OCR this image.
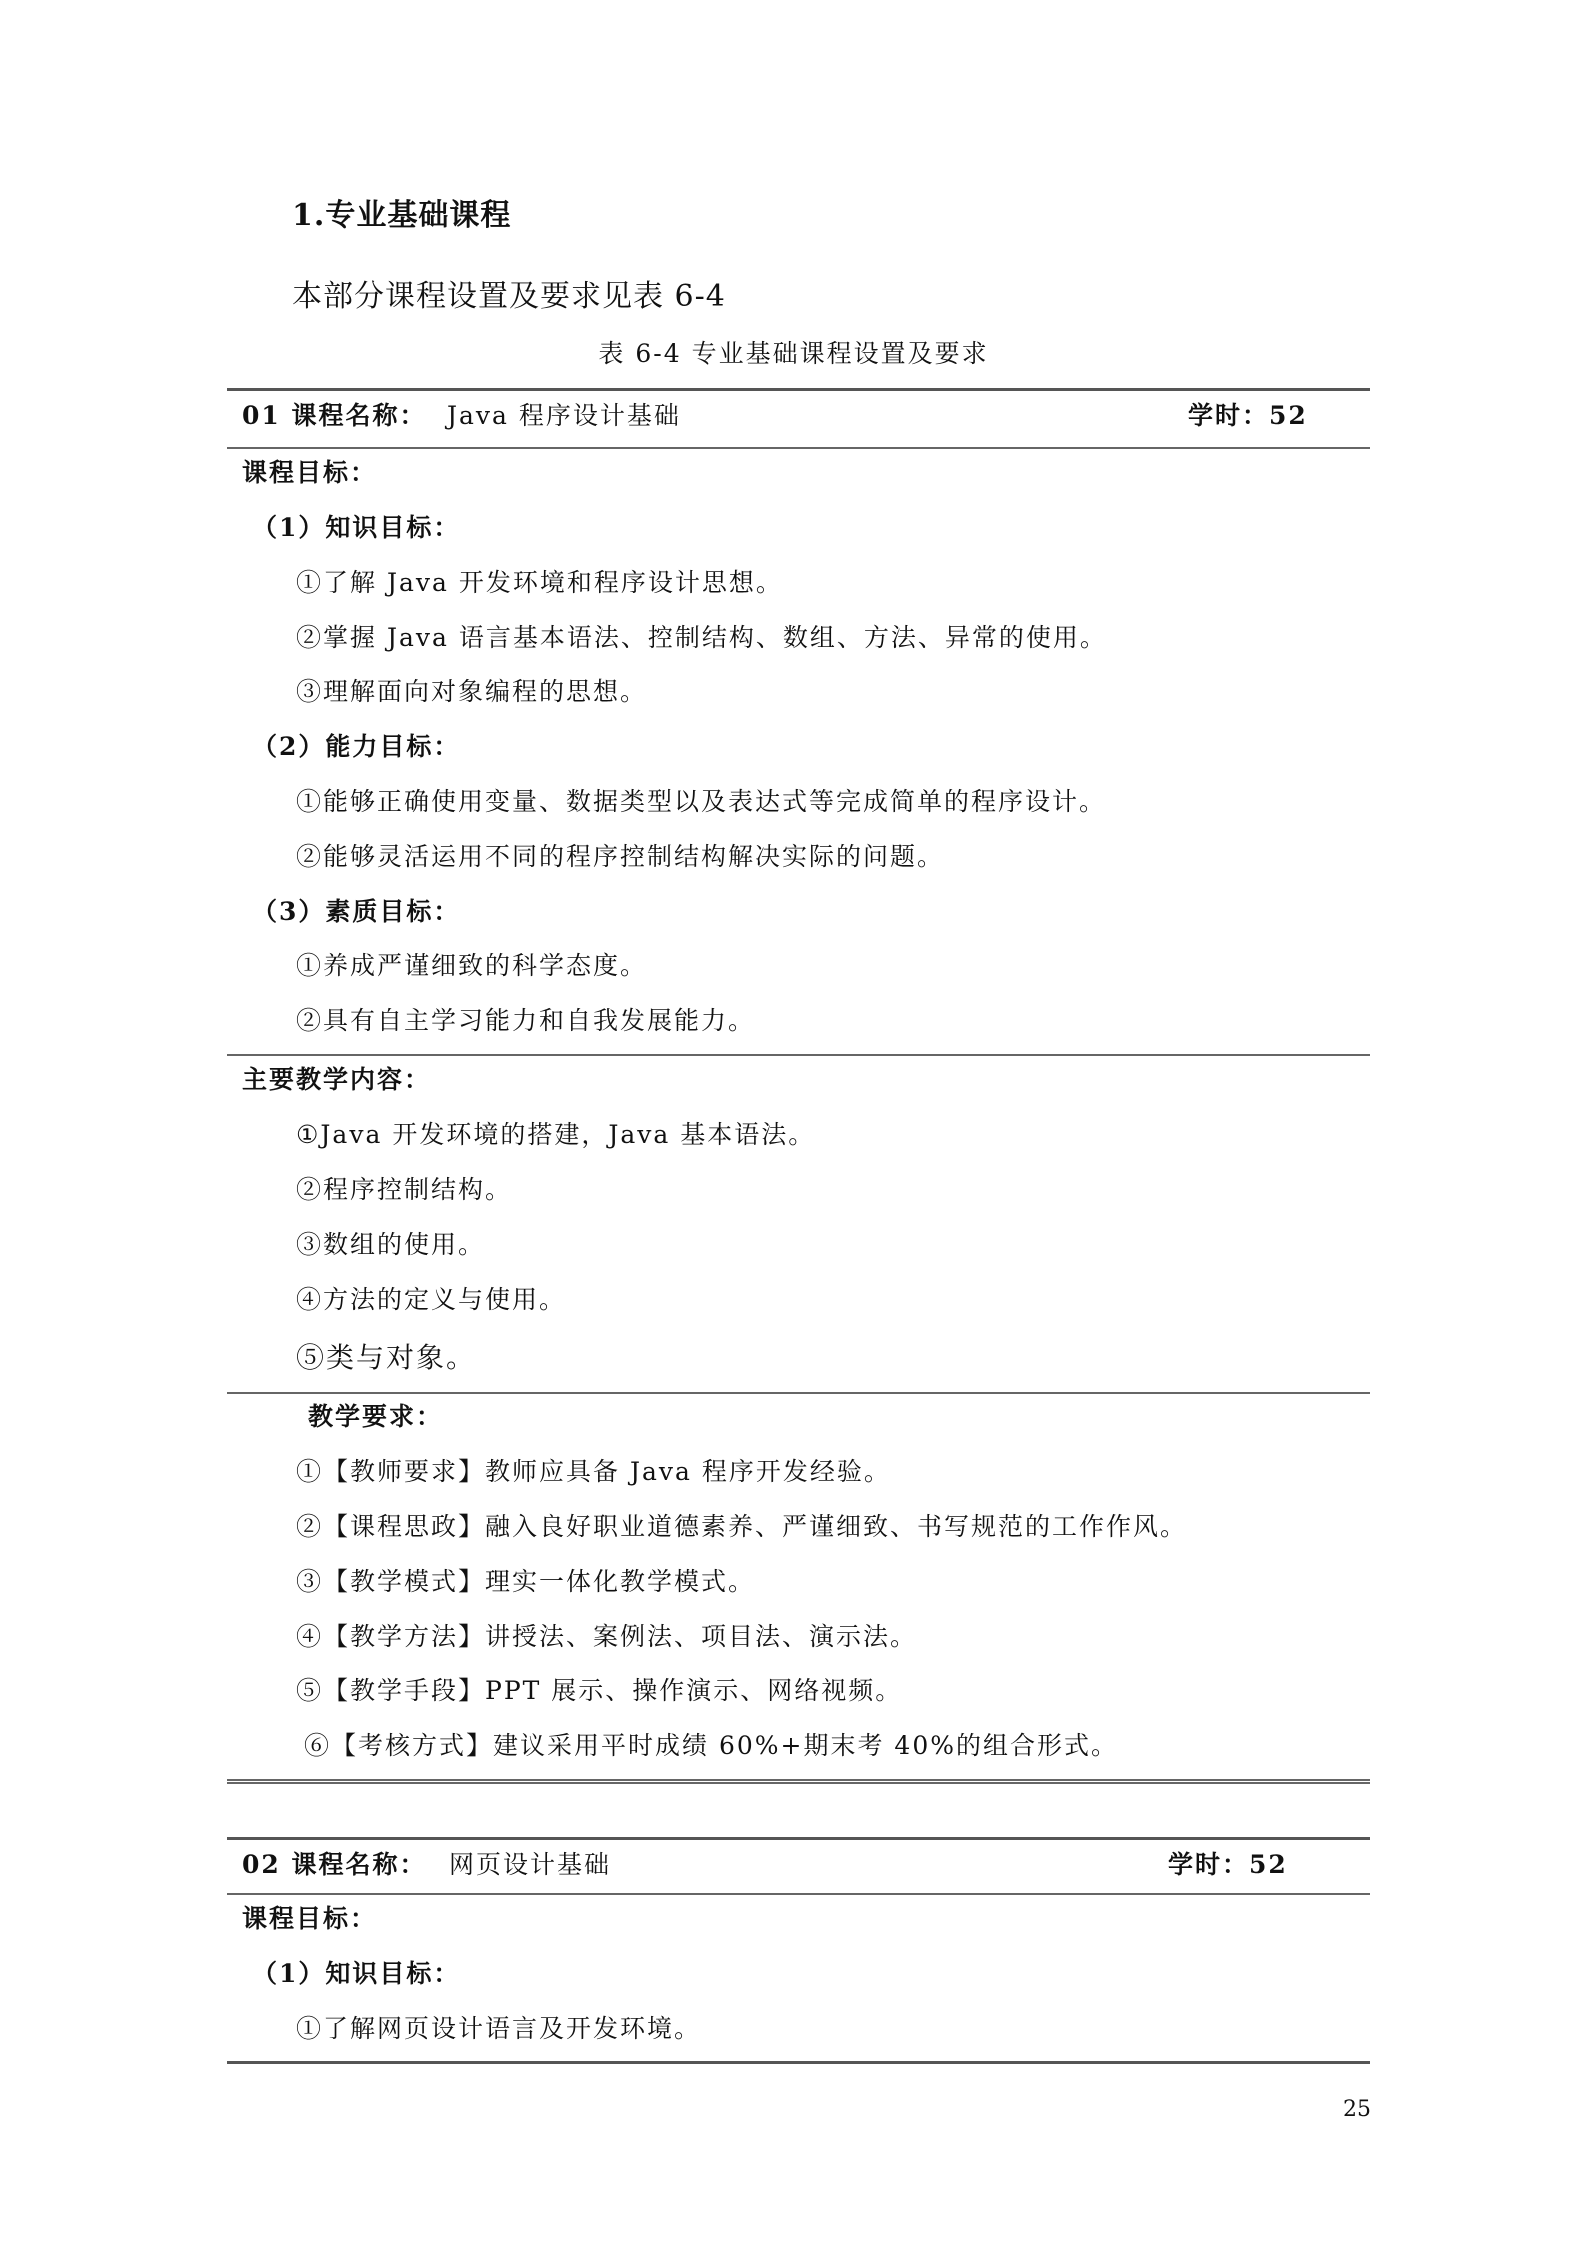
1.专业基础课程
本部分课程设置及要求见表 6-4
表 6-4 专业基础课程设置及要求
01 课程名称： Java 程序设计基础	学时：52
课程目标：
（1）知识目标：
①了解 Java 开发环境和程序设计思想。
②掌握 Java 语言基本语法、控制结构、数组、方法、异常的使用。
③理解面向对象编程的思想。
（2）能力目标：
①能够正确使用变量、数据类型以及表达式等完成简单的程序设计。
②能够灵活运用不同的程序控制结构解决实际的问题。
（3）素质目标：
①养成严谨细致的科学态度。
②具有自主学习能力和自我发展能力。
主要教学内容：
①Java 开发环境的搭建，Java 基本语法。
②程序控制结构。
③数组的使用。
④方法的定义与使用。
⑤类与对象。
教学要求：
①【教师要求】教师应具备 Java 程序开发经验。
②【课程思政】融入良好职业道德素养、严谨细致、书写规范的工作作风。
③【教学模式】理实一体化教学模式。
④【教学方法】讲授法、案例法、项目法、演示法。
⑤【教学手段】PPT 展示、操作演示、网络视频。
⑥【考核方式】建议采用平时成绩 60%+期末考 40%的组合形式。
02 课程名称： 网页设计基础	学时：52
课程目标：
（1）知识目标：
①了解网页设计语言及开发环境。
25
